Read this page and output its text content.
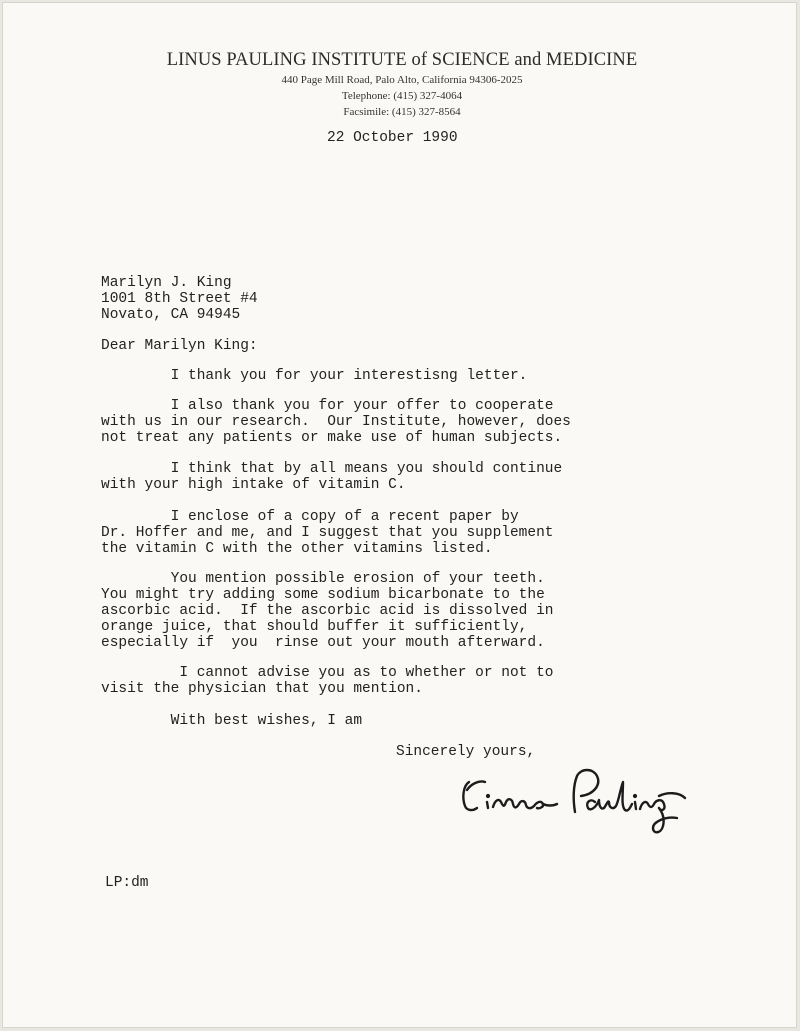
LINUS PAULING INSTITUTE of SCIENCE and MEDICINE
440 Page Mill Road, Palo Alto, California 94306-2025
Telephone: (415) 327-4064
Facsimile: (415) 327-8564
22 October 1990
Marilyn J. King
1001 8th Street #4
Novato, CA 94945
Dear Marilyn King:
I thank you for your interestisng letter.
I also thank you for your offer to cooperate
with us in our research.  Our Institute, however, does
not treat any patients or make use of human subjects.
I think that by all means you should continue
with your high intake of vitamin C.
I enclose of a copy of a recent paper by
Dr. Hoffer and me, and I suggest that you supplement
the vitamin C with the other vitamins listed.
You mention possible erosion of your teeth.
You might try adding some sodium bicarbonate to the
ascorbic acid.  If the ascorbic acid is dissolved in
orange juice, that should buffer it sufficiently,
especially if  you  rinse out your mouth afterward.
I cannot advise you as to whether or not to
visit the physician that you mention.
With best wishes, I am
Sincerely yours,
LP:dm
